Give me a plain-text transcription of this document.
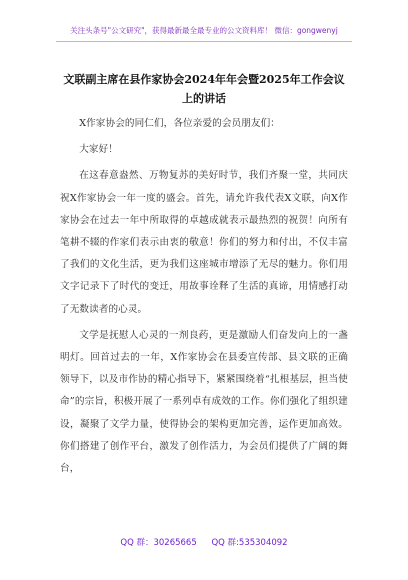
关注头条号"公文研究"，获得最新最全最专业的公文资料库！ 微信：gongwenyj
文联副主席在县作家协会2024年年会暨2025年工作会议上的讲话

X作家协会的同仁们，各位亲爱的会员朋友们：

大家好！

在这春意盎然、万物复苏的美好时节，我们齐聚一堂，共同庆祝X作家协会一年一度的盛会。首先，请允许我代表X文联，向X作家协会在过去一年中所取得的卓越成就表示最热烈的祝贺！向所有笔耕不辍的作家们表示由衷的敬意！你们的努力和付出，不仅丰富了我们的文化生活，更为我们这座城市增添了无尽的魅力。你们用文字记录下了时代的变迁，用故事诠释了生活的真谛，用情感打动了无数读者的心灵。

文学是抚慰人心灵的一剂良药，更是激励人们奋发向上的一盏明灯。回首过去的一年，X作家协会在县委宣传部、县文联的正确领导下，以及市作协的精心指导下，紧紧围绕着“扎根基层，担当使命”的宗旨，积极开展了一系列卓有成效的工作。你们强化了组织建设，凝聚了文学力量，使得协会的架构更加完善，运作更加高效。你们搭建了创作平台，激发了创作活力，为会员们提供了广阔的舞台，

QQ 群：30265665 QQ 群:535304092
